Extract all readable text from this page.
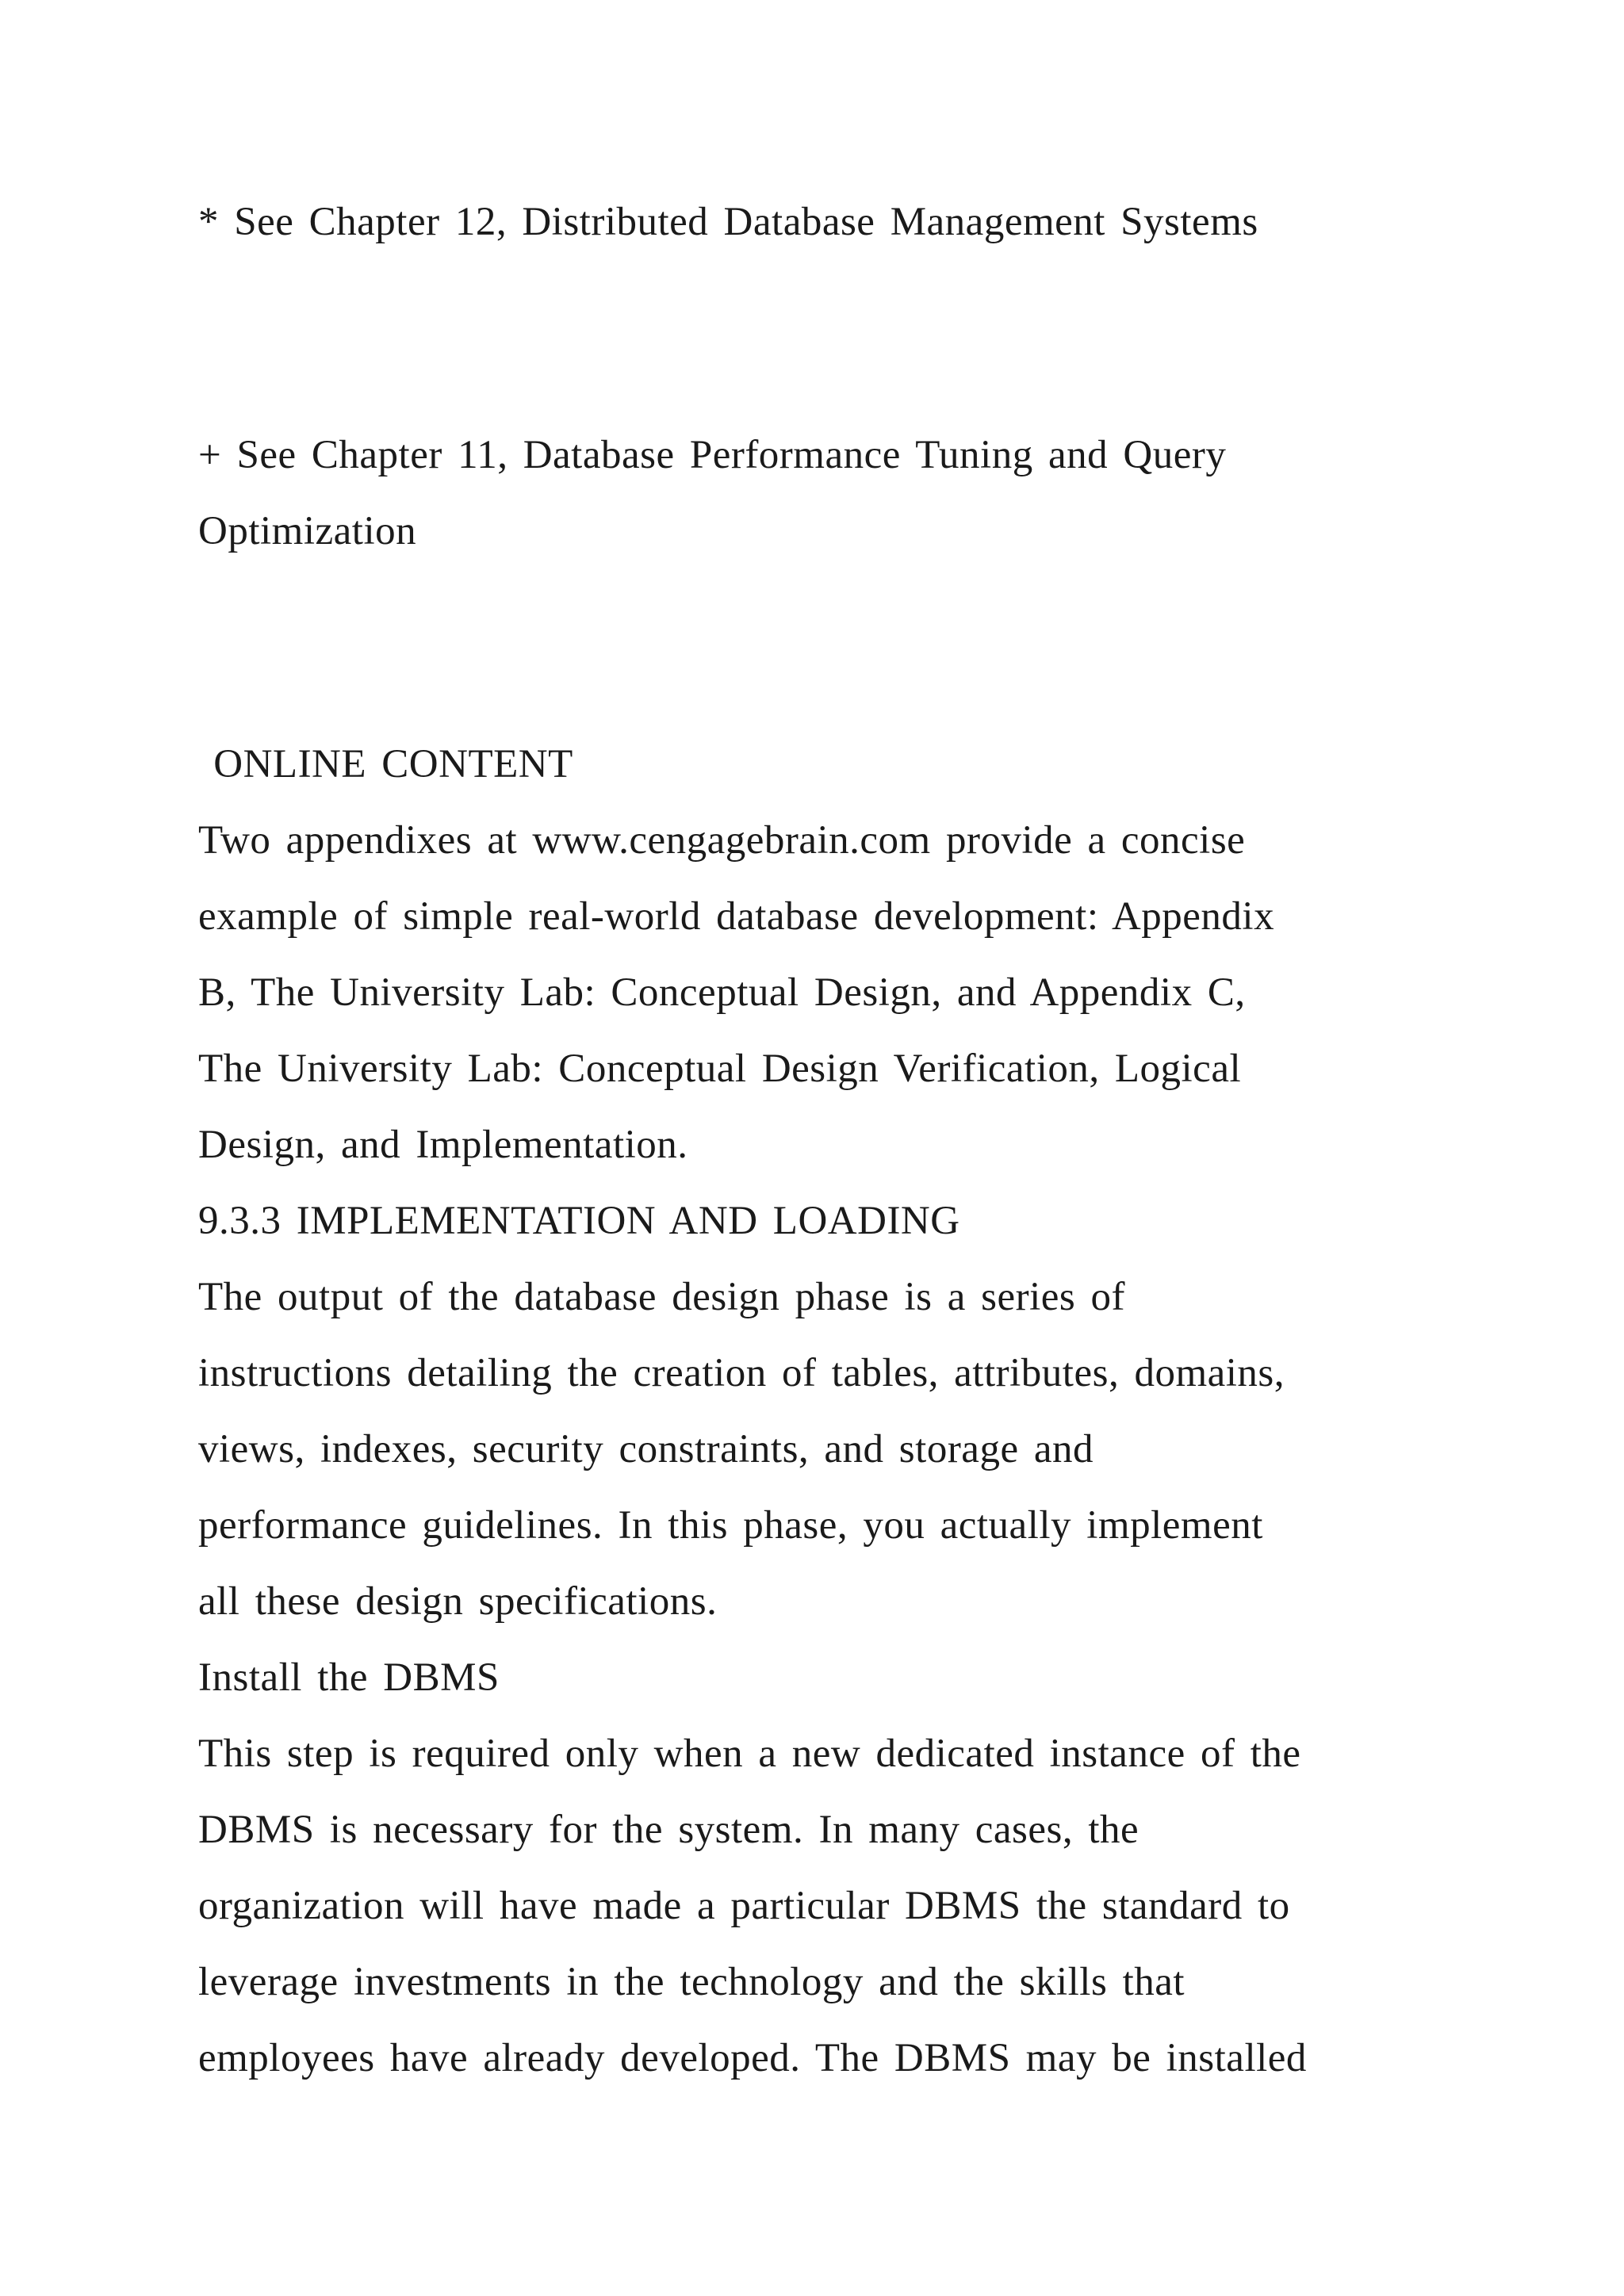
* See Chapter 12, Distributed Database Management Systems

+ See Chapter 11, Database Performance Tuning and Query

Optimization

ONLINE CONTENT

Two appendixes at www.cengagebrain.com provide a concise

example of simple real-world database development: Appendix

B, The University Lab: Conceptual Design, and Appendix C,

The University Lab: Conceptual Design Verification, Logical

Design, and Implementation.

9.3.3 IMPLEMENTATION AND LOADING

The output of the database design phase is a series of

instructions detailing the creation of tables, attributes, domains,

views, indexes, security constraints, and storage and

performance guidelines. In this phase, you actually implement

all these design specifications.

Install the DBMS

This step is required only when a new dedicated instance of the

DBMS is necessary for the system. In many cases, the

organization will have made a particular DBMS the standard to

leverage investments in the technology and the skills that

employees have already developed. The DBMS may be installed
